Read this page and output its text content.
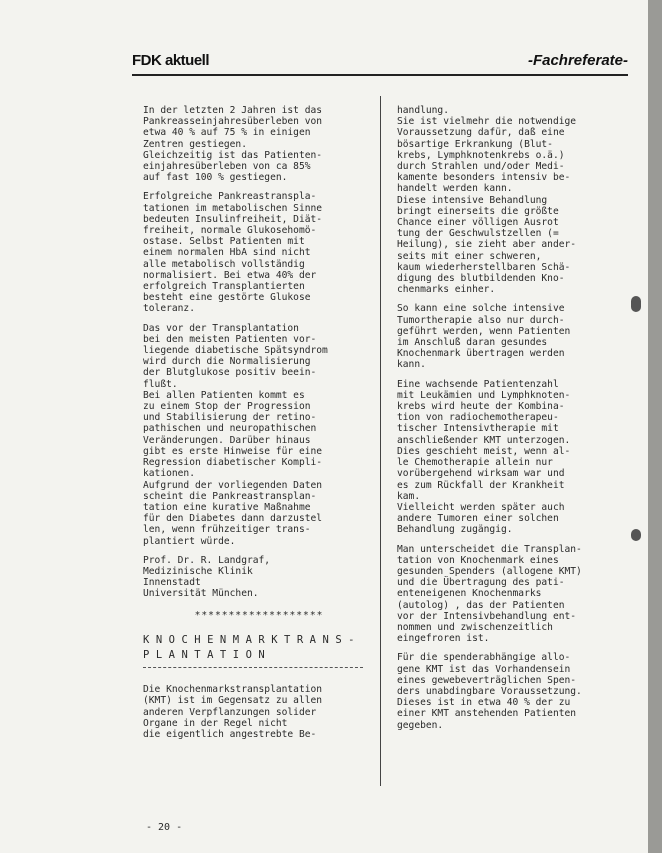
FDK aktuell	-Fachreferate-

In der letzten 2 Jahren ist das
Pankreasseinjahresüberleben von
etwa 40 % auf 75 % in einigen
Zentren gestiegen.
Gleichzeitig ist das Patienten-
einjahresüberleben von ca 85%
auf fast 100 % gestiegen.

Erfolgreiche Pankreastranspla-
tationen im metabolischen Sinne
bedeuten Insulinfreiheit, Diät-
freiheit, normale Glukosehomö-
ostase. Selbst Patienten mit
einem normalen HbA sind nicht
alle metabolisch vollständig
normalisiert. Bei etwa 40% der
erfolgreich Transplantierten
besteht eine gestörte Glukose
toleranz.

Das vor der Transplantation
bei den meisten Patienten vor-
liegende diabetische Spätsyndrom
wird durch die Normalisierung
der Blutglukose positiv beein-
flußt.
Bei allen Patienten kommt es
zu einem Stop der Progression
und Stabilisierung der retino-
pathischen und neuropathischen
Veränderungen. Darüber hinaus
gibt es erste Hinweise für eine
Regression diabetischer Kompli-
kationen.
Aufgrund der vorliegenden Daten
scheint die Pankreastransplan-
tation eine kurative Maßnahme
für den Diabetes dann darzustel
len, wenn frühzeitiger trans-
plantiert würde.

Prof. Dr. R. Landgraf,
Medizinische Klinik
Innenstadt
Universität München.

*******************
KNOCHENMARKTRANS-
PLANTATION

Die Knochenmarkstransplantation
(KMT) ist im Gegensatz zu allen
anderen Verpflanzungen solider
Organe in der Regel nicht
die eigentlich angestrebte Be-

handlung.
Sie ist vielmehr die notwendige
Voraussetzung dafür, daß eine
bösartige Erkrankung (Blut-
krebs, Lymphknotenkrebs o.ä.)
durch Strahlen und/oder Medi-
kamente besonders intensiv be-
handelt werden kann.
Diese intensive Behandlung
bringt einerseits die größte
Chance einer völligen Ausrot
tung der Geschwulstzellen (=
Heilung), sie zieht aber ander-
seits mit einer schweren,
kaum wiederherstellbaren Schä-
digung des blutbildenden Kno-
chenmarks einher.

So kann eine solche intensive
Tumortherapie also nur durch-
geführt werden, wenn Patienten
im Anschluß daran gesundes
Knochenmark übertragen werden
kann.

Eine wachsende Patientenzahl
mit Leukämien und Lymphknoten-
krebs wird heute der Kombina-
tion von radiochemotherapeu-
tischer Intensivtherapie mit
anschließender KMT unterzogen.
Dies geschieht meist, wenn al-
le Chemotherapie allein nur
vorübergehend wirksam war und
es zum Rückfall der Krankheit
kam.
Vielleicht werden später auch
andere Tumoren einer solchen
Behandlung zugängig.

Man unterscheidet die Transplan-
tation von Knochenmark eines
gesunden Spenders (allogene KMT)
und die Übertragung des pati-
enteneigenen Knochenmarks
(autolog) , das der Patienten
vor der Intensivbehandlung ent-
nommen und zwischenzeitlich
eingefroren ist.

Für die spenderabhängige allo-
gene KMT ist das Vorhandensein
eines gewebeverträglichen Spen-
ders unabdingbare Voraussetzung.
Dieses ist in etwa 40 % der zu
einer KMT anstehenden Patienten
gegeben.

- 20 -
